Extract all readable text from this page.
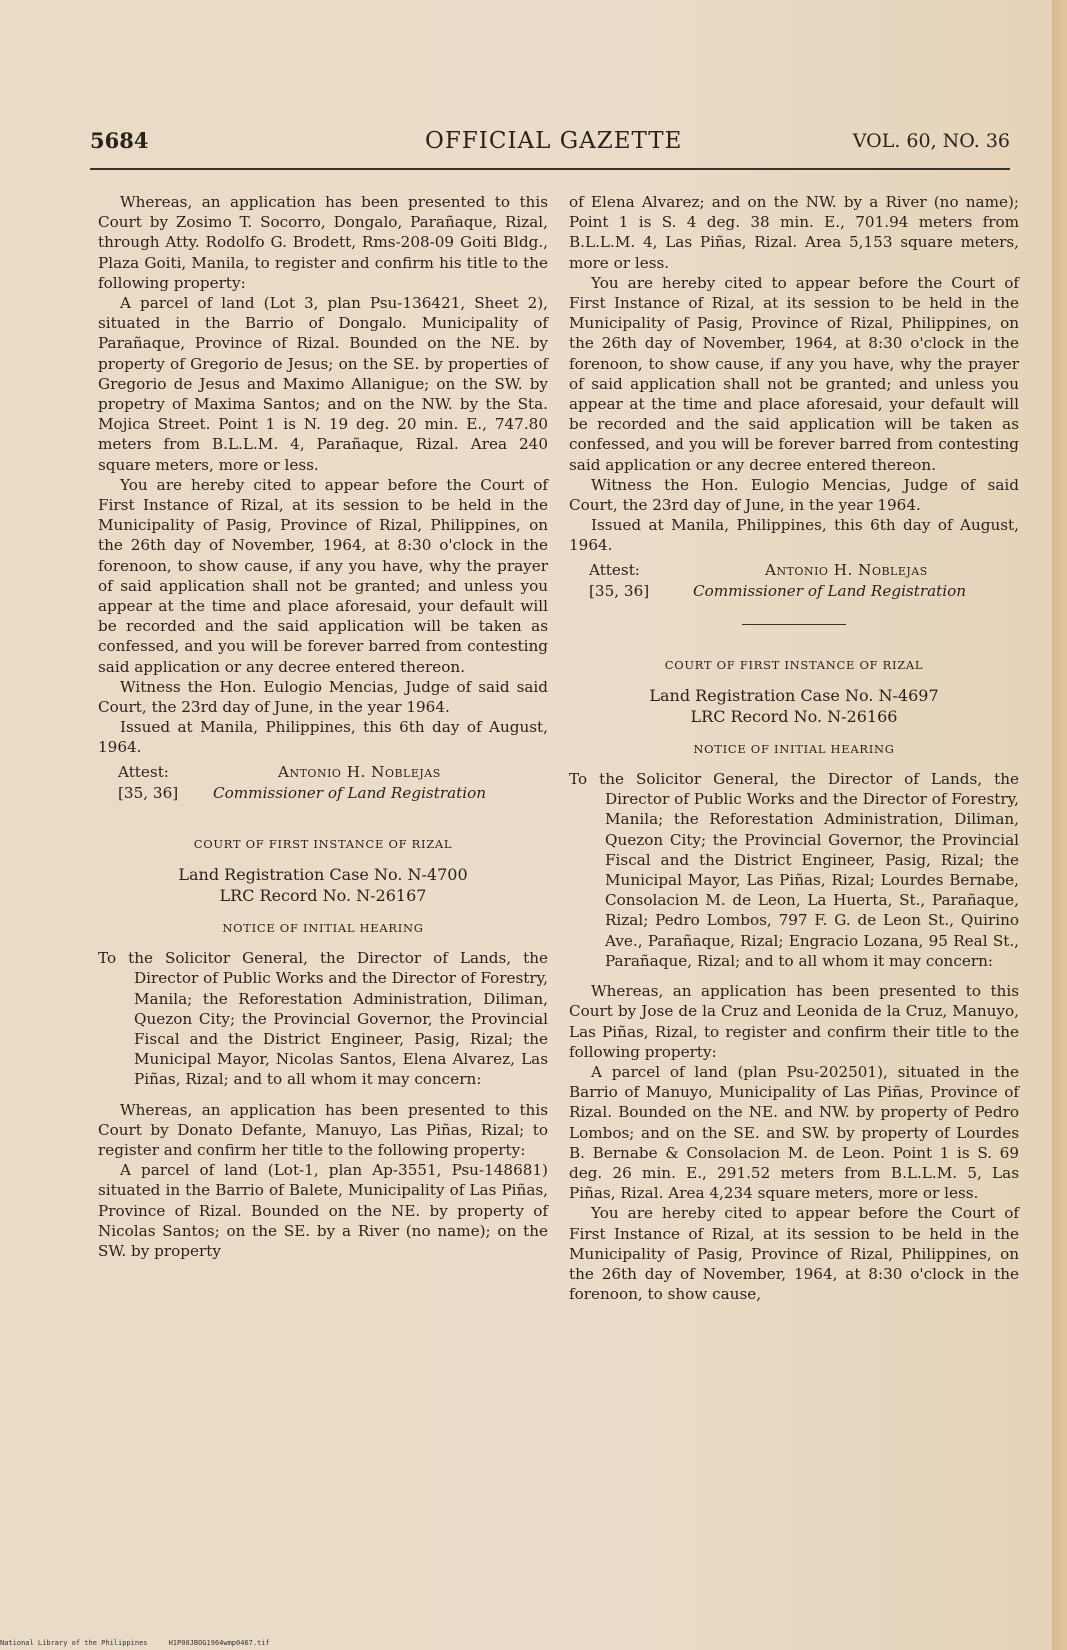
5684	OFFICIAL GAZETTE	VOL. 60, NO. 36

Whereas, an application has been presented to this Court by Zosimo T. Socorro, Dongalo, Parañaque, Rizal, through Atty. Rodolfo G. Brodett, Rms-208-09 Goiti Bldg., Plaza Goiti, Manila, to register and confirm his title to the following property:

A parcel of land (Lot 3, plan Psu-136421, Sheet 2), situated in the Barrio of Dongalo. Municipality of Parañaque, Province of Rizal. Bounded on the NE. by property of Gregorio de Jesus; on the SE. by properties of Gregorio de Jesus and Maximo Allanigue; on the SW. by propetry of Maxima Santos; and on the NW. by the Sta. Mojica Street. Point 1 is N. 19 deg. 20 min. E., 747.80 meters from B.L.L.M. 4, Parañaque, Rizal. Area 240 square meters, more or less.

You are hereby cited to appear before the Court of First Instance of Rizal, at its session to be held in the Municipality of Pasig, Province of Rizal, Philippines, on the 26th day of November, 1964, at 8:30 o'clock in the forenoon, to show cause, if any you have, why the prayer of said application shall not be granted; and unless you appear at the time and place aforesaid, your default will be recorded and the said application will be taken as confessed, and you will be forever barred from contesting said application or any decree entered thereon.

Witness the Hon. Eulogio Mencias, Judge of said said Court, the 23rd day of June, in the year 1964.

Issued at Manila, Philippines, this 6th day of August, 1964.

Attest:	Antonio H. Noblejas
[35, 36] Commissioner of Land Registration
COURT OF FIRST INSTANCE OF RIZAL
Land Registration Case No. N-4700
LRC Record No. N-26167
NOTICE OF INITIAL HEARING

To the Solicitor General, the Director of Lands, the Director of Public Works and the Director of Forestry, Manila; the Reforestation Administration, Diliman, Quezon City; the Provincial Governor, the Provincial Fiscal and the District Engineer, Pasig, Rizal; the Municipal Mayor, Nicolas Santos, Elena Alvarez, Las Piñas, Rizal; and to all whom it may concern:

Whereas, an application has been presented to this Court by Donato Defante, Manuyo, Las Piñas, Rizal; to register and confirm her title to the following property:

A parcel of land (Lot-1, plan Ap-3551, Psu-148681) situated in the Barrio of Balete, Municipality of Las Piñas, Province of Rizal. Bounded on the NE. by property of Nicolas Santos; on the SE. by a River (no name); on the SW. by property

of Elena Alvarez; and on the NW. by a River (no name); Point 1 is S. 4 deg. 38 min. E., 701.94 meters from B.L.L.M. 4, Las Piñas, Rizal. Area 5,153 square meters, more or less.

You are hereby cited to appear before the Court of First Instance of Rizal, at its session to be held in the Municipality of Pasig, Province of Rizal, Philippines, on the 26th day of November, 1964, at 8:30 o'clock in the forenoon, to show cause, if any you have, why the prayer of said application shall not be granted; and unless you appear at the time and place aforesaid, your default will be recorded and the said application will be taken as confessed, and you will be forever barred from contesting said application or any decree entered thereon.

Witness the Hon. Eulogio Mencias, Judge of said Court, the 23rd day of June, in the year 1964.

Issued at Manila, Philippines, this 6th day of August, 1964.

Attest:	Antonio H. Noblejas
[35, 36]	Commissioner of Land Registration
COURT OF FIRST INSTANCE OF RIZAL
Land Registration Case No. N-4697
LRC Record No. N-26166
NOTICE OF INITIAL HEARING

To the Solicitor General, the Director of Lands, the Director of Public Works and the Director of Forestry, Manila; the Reforestation Administration, Diliman, Quezon City; the Provincial Governor, the Provincial Fiscal and the District Engineer, Pasig, Rizal; the Municipal Mayor, Las Piñas, Rizal; Lourdes Bernabe, Consolacion M. de Leon, La Huerta, St., Parañaque, Rizal; Pedro Lombos, 797 F. G. de Leon St., Quirino Ave., Parañaque, Rizal; Engracio Lozana, 95 Real St., Parañaque, Rizal; and to all whom it may concern:

Whereas, an application has been presented to this Court by Jose de la Cruz and Leonida de la Cruz, Manuyo, Las Piñas, Rizal, to register and confirm their title to the following property:

A parcel of land (plan Psu-202501), situated in the Barrio of Manuyo, Municipality of Las Piñas, Province of Rizal. Bounded on the NE. and NW. by property of Pedro Lombos; and on the SE. and SW. by property of Lourdes B. Bernabe & Consolacion M. de Leon. Point 1 is S. 69 deg. 26 min. E., 291.52 meters from B.L.L.M. 5, Las Piñas, Rizal. Area 4,234 square meters, more or less.

You are hereby cited to appear before the Court of First Instance of Rizal, at its session to be held in the Municipality of Pasig, Province of Rizal, Philippines, on the 26th day of November, 1964, at 8:30 o'clock in the forenoon, to show cause,

National Library of the Philippines	H1P00JBOG1964wmp0467.tif
